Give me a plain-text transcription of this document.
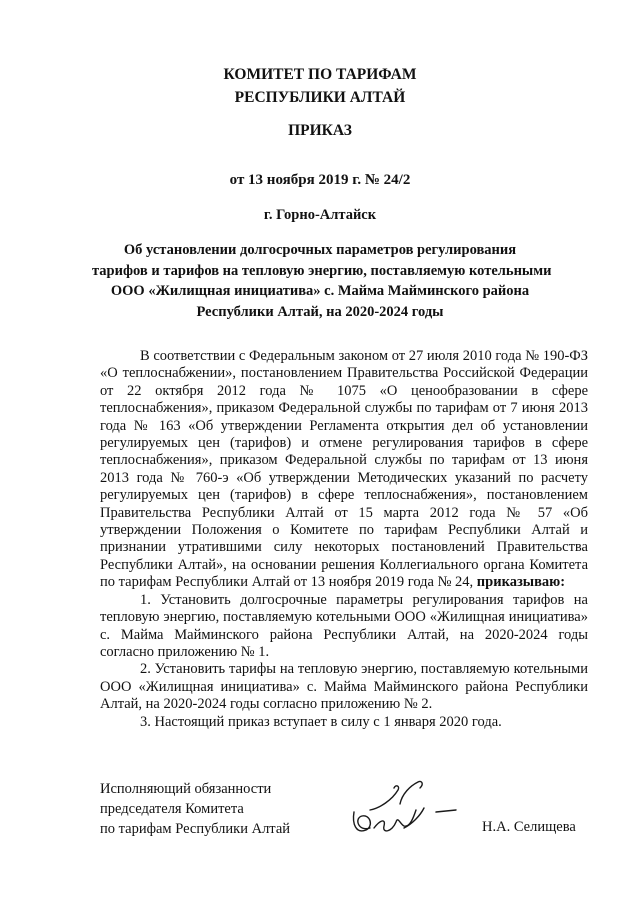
КОМИТЕТ ПО ТАРИФАМ
РЕСПУБЛИКИ АЛТАЙ
ПРИКАЗ
от 13 ноября 2019 г. № 24/2
г. Горно-Алтайск
Об установлении долгосрочных параметров регулирования
тарифов и тарифов на тепловую энергию, поставляемую котельными
ООО «Жилищная инициатива» с. Майма Майминского района
Республики Алтай, на 2020-2024 годы

В соответствии с Федеральным законом от 27 июля 2010 года № 190-ФЗ «О теплоснабжении», постановлением Правительства Российской Федерации от 22 октября 2012 года № 1075 «О ценообразовании в сфере теплоснабжения», приказом Федеральной службы по тарифам от 7 июня 2013 года № 163 «Об утверждении Регламента открытия дел об установлении регулируемых цен (тарифов) и отмене регулирования тарифов в сфере теплоснабжения», приказом Федеральной службы по тарифам от 13 июня 2013 года № 760-э «Об утверждении Методических указаний по расчету регулируемых цен (тарифов) в сфере теплоснабжения», постановлением Правительства Республики Алтай от 15 марта 2012 года № 57 «Об утверждении Положения о Комитете по тарифам Республики Алтай и признании утратившими силу некоторых постановлений Правительства Республики Алтай», на основании решения Коллегиального органа Комитета по тарифам Республики Алтай от 13 ноября 2019 года № 24, приказываю:

1. Установить долгосрочные параметры регулирования тарифов на тепловую энергию, поставляемую котельными ООО «Жилищная инициатива» с. Майма Майминского района Республики Алтай, на 2020-2024 годы согласно приложению № 1.

2. Установить тарифы на тепловую энергию, поставляемую котельными ООО «Жилищная инициатива» с. Майма Майминского района Республики Алтай, на 2020-2024 годы согласно приложению № 2.

3. Настоящий приказ вступает в силу с 1 января 2020 года.

Исполняющий обязанности
председателя Комитета
по тарифам Республики Алтай	Н.А. Селищева
